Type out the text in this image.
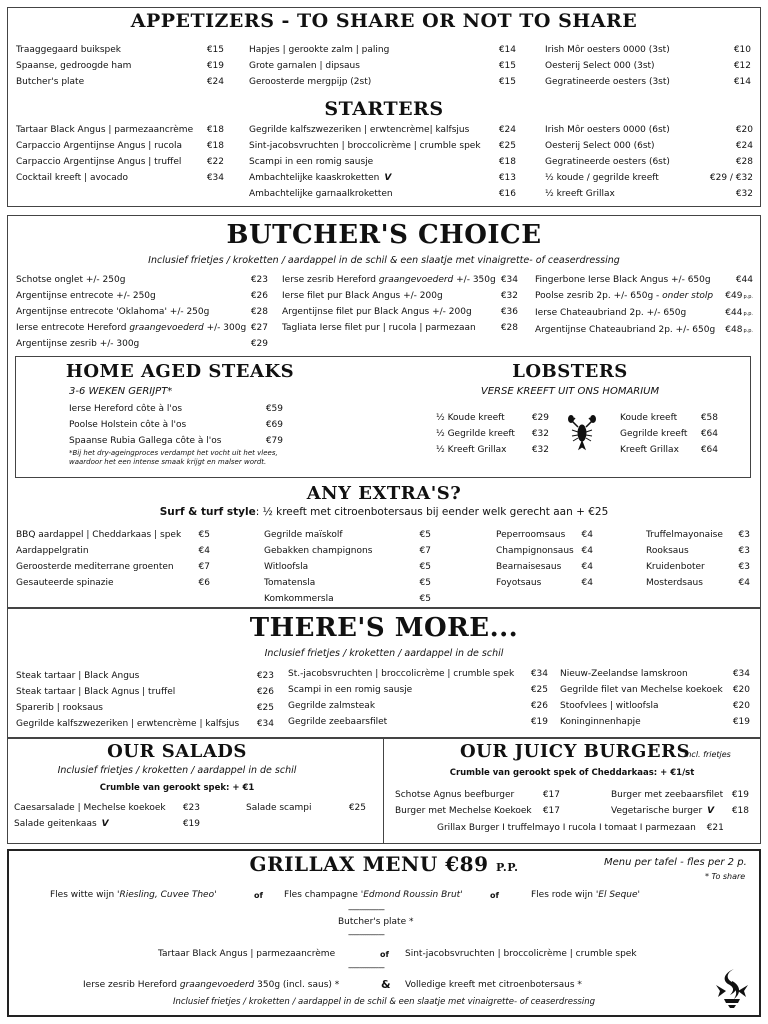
APPETIZERS - TO SHARE OR NOT TO SHARE
Traaggegaard buikspek	€15
Spaanse, gedroogde ham	€19
Butcher's plate	€24
Hapjes | gerookte zalm | paling	€14
Grote garnalen | dipsaus	€15
Geroosterde mergpijp (2st)	€15
Irish Môr oesters 0000 (3st)	€10
Oesterij Select 000 (3st)	€12
Gegratineerde oesters (3st)	€14
STARTERS
Tartaar Black Angus | parmezaancrème €18
Carpaccio Argentijnse Angus | rucola	€18
Carpaccio Argentijnse Angus | truffel	€22
Cocktail kreeft | avocado	€34
Gegrilde kalfszwezeriken | erwtencrème| kalfsjus	€24
Sint-jacobsvruchten | broccolicrème | crumble spek €25
Scampi in een romig sausje	€18
Ambachtelijke kaaskroketten V	€13
Ambachtelijke garnaalkroketten	€16
Irish Môr oesters 0000 (6st)	€20
Oesterij Select 000 (6st)	€24
Gegratineerde oesters (6st)	€28
½ koude / gegrilde kreeft	€29 / €32
½ kreeft Grillax	€32
BUTCHER'S CHOICE
Inclusief frietjes / kroketten / aardappel in de schil & een slaatje met vinaigrette- of ceaserdressing
Schotse onglet +/- 250g	€23
Argentijnse entrecote +/- 250g	€26
Argentijnse entrecote 'Oklahoma' +/- 250g	€28
Ierse entrecote Hereford graangevoederd +/- 300g €27
Argentijnse zesrib +/- 300g	€29
Ierse zesrib Hereford graangevoederd +/- 350g €34
Ierse filet pur Black Angus +/- 200g	€32
Argentijnse filet pur Black Angus +/- 200g	€36
Tagliata Ierse filet pur | rucola | parmezaan	€28
Fingerbone Ierse Black Angus +/- 650g	€44
Poolse zesrib 2p. +/- 650g - onder stolp €49p.p.
Ierse Chateaubriand 2p. +/- 650g	€44p.p.
Argentijnse Chateaubriand 2p. +/- 650g €48p.p.
HOME AGED STEAKS
3-6 WEKEN GERIJPT*
Ierse Hereford côte à l'os	€59
Poolse Holstein côte à l'os	€69
Spaanse Rubia Gallega côte à l'os	€79
*Bij het dry-ageingproces verdampt het vocht uit het vlees,
waardoor het een intense smaak krijgt en malser wordt.
LOBSTERS
VERSE KREEFT UIT ONS HOMARIUM
½ Koude kreeft	€29
½ Gegrilde kreeft €32
½ Kreeft Grillax	€32
Koude kreeft	€58
Gegrilde kreeft €64
Kreeft Grillax €64
ANY EXTRA'S?
Surf & turf style: ½ kreeft met citroenbotersaus bij eender welk gerecht aan + €25
BBQ aardappel | Cheddarkaas | spek €5
Aardappelgratin	€4
Geroosterde mediterrane groenten	€7
Gesauteerde spinazie	€6
Gegrilde maïskolf	€5
Gebakken champignons	€7
Witloofsla	€5
Tomatensla	€5
Komkommersla	€5
Peperroomsaus €4
Champignonsaus €4
Bearnaisesaus €4
Foyotsaus	€4
Truffelmayonaise €3
Rooksaus	€3
Kruidenboter	€3
Mosterdsaus	€4
THERE'S MORE...
Inclusief frietjes / kroketten / aardappel in de schil
Steak tartaar | Black Angus	€23
Steak tartaar | Black Agnus | truffel	€26
Sparerib | rooksaus	€25
Gegrilde kalfszwezeriken | erwtencrème | kalfsjus €34
St.-jacobsvruchten | broccolicrème | crumble spek €34
Scampi in een romig sausje	€25
Gegrilde zalmsteak	€26
Gegrilde zeebaarsfilet	€19
Nieuw-Zeelandse lamskroon	€34
Gegrilde filet van Mechelse koekoek €20
Stoofvlees | witloofsla	€20
Koninginnenhapje	€19
OUR SALADS
Inclusief frietjes / kroketten / aardappel in de schil
Crumble van gerookt spek: + €1
Caesarsalade | Mechelse koekoek €23
Salade geitenkaas V	€19
Salade scampi	€25
OUR JUICY BURGERS
Incl. frietjes
Crumble van gerookt spek of Cheddarkaas: + €1/st
Schotse Agnus beefburger	€17
Burger met Mechelse Koekoek €17
Burger met zeebaarsfilet €19
Vegetarische burger V €18
Grillax Burger I truffelmayo I rucola I tomaat I parmezaan €21
GRILLAX MENU €89 P.P.	Menu per tafel - fles per 2 p.
* To share
Fles witte wijn 'Riesling, Cuvee Theo'	of Fles champagne 'Edmond Roussin Brut'	of	Fles rode wijn 'El Seque'
-------------------
Butcher's plate *
-------------------
Tartaar Black Angus | parmezaancrème	of Sint-jacobsvruchten | broccolicrème | crumble spek
-------------------
Ierse zesrib Hereford graangevoederd 350g (incl. saus) *	& Volledige kreeft met citroenbotersaus *
Inclusief frietjes / kroketten / aardappel in de schil & een slaatje met vinaigrette- of ceaserdressing
